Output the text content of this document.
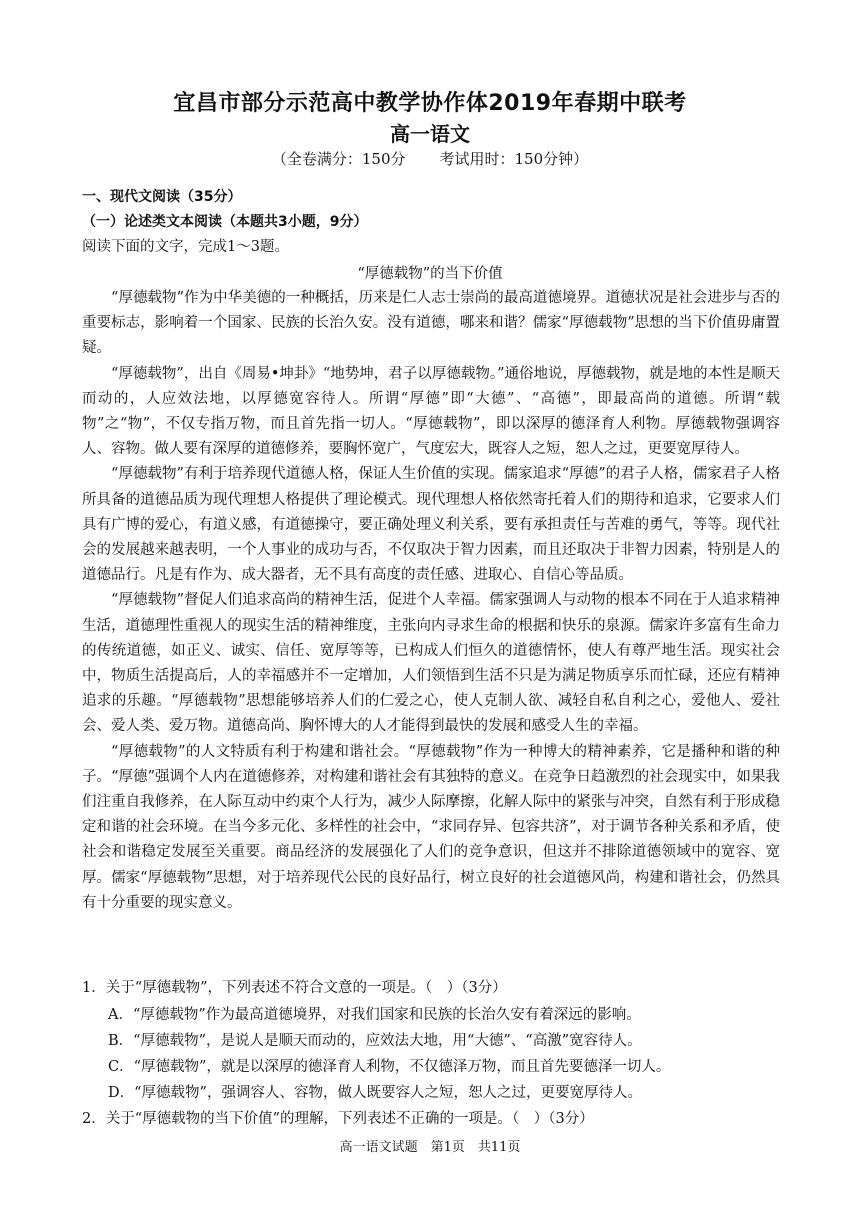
宜昌市部分示范高中教学协作体2019年春期中联考
高一语文
（全卷满分：150分 考试用时：150分钟）
一、现代文阅读（35分）
（一）论述类文本阅读（本题共3小题，9分）
阅读下面的文字，完成1～3题。
“厚德载物”的当下价值

“厚德载物”作为中华美德的一种概括，历来是仁人志士崇尚的最高道德境界。道德状况是社会进步与否的重要标志，影响着一个国家、民族的长治久安。没有道德，哪来和谐？儒家“厚德载物”思想的当下价值毋庸置疑。

“厚德载物”，出自《周易•坤卦》“地势坤，君子以厚德载物。”通俗地说，厚德载物，就是地的本性是顺天而动的，人应效法地，以厚德宽容待人。所谓“厚德”即“大德”、“高德”，即最高尚的道德。所谓“载物”之“物”，不仅专指万物，而且首先指一切人。“厚德载物”，即以深厚的德泽育人利物。厚德载物强调容人、容物。做人要有深厚的道德修养，要胸怀宽广，气度宏大，既容人之短，恕人之过，更要宽厚待人。

“厚德载物”有利于培养现代道德人格，保证人生价值的实现。儒家追求“厚德”的君子人格，儒家君子人格所具备的道德品质为现代理想人格提供了理论模式。现代理想人格依然寄托着人们的期待和追求，它要求人们具有广博的爱心，有道义感，有道德操守，要正确处理义利关系，要有承担责任与苦难的勇气，等等。现代社会的发展越来越表明，一个人事业的成功与否，不仅取决于智力因素，而且还取决于非智力因素，特别是人的道德品行。凡是有作为、成大器者，无不具有高度的责任感、进取心、自信心等品质。

“厚德载物”督促人们追求高尚的精神生活，促进个人幸福。儒家强调人与动物的根本不同在于人追求精神生活，道德理性重视人的现实生活的精神维度，主张向内寻求生命的根据和快乐的泉源。儒家许多富有生命力的传统道德，如正义、诚实、信任、宽厚等等，已构成人们恒久的道德情怀，使人有尊严地生活。现实社会中，物质生活提高后，人的幸福感并不一定增加，人们领悟到生活不只是为满足物质享乐而忙碌，还应有精神追求的乐趣。“厚德载物”思想能够培养人们的仁爱之心，使人克制人欲、减轻自私自利之心，爱他人、爱社会、爱人类、爱万物。道德高尚、胸怀博大的人才能得到最快的发展和感受人生的幸福。

“厚德载物”的人文特质有利于构建和谐社会。“厚德载物”作为一种博大的精神素养，它是播种和谐的种子。“厚德”强调个人内在道德修养，对构建和谐社会有其独特的意义。在竞争日趋激烈的社会现实中，如果我们注重自我修养，在人际互动中约束个人行为，减少人际摩擦，化解人际中的紧张与冲突，自然有利于形成稳定和谐的社会环境。在当今多元化、多样性的社会中，“求同存异、包容共济”，对于调节各种关系和矛盾，使社会和谐稳定发展至关重要。商品经济的发展强化了人们的竞争意识，但这并不排除道德领域中的宽容、宽厚。儒家“厚德载物”思想，对于培养现代公民的良好品行，树立良好的社会道德风尚，构建和谐社会，仍然具有十分重要的现实意义。

1．关于“厚德载物”，下列表述不符合文意的一项是。（　）（3分）
A．“厚德载物”作为最高道德境界，对我们国家和民族的长治久安有着深远的影响。
B．“厚德载物”，是说人是顺天而动的，应效法大地，用“大德”、“高激”宽容待人。
C．“厚德载物”，就是以深厚的德泽育人利物，不仅德泽万物，而且首先要德泽一切人。
D．“厚德载物”，强调容人、容物，做人既要容人之短，恕人之过，更要宽厚待人。
2．关于“厚德载物的当下价值”的理解，下列表述不正确的一项是。（　）（3分）
高一语文试题　第1页　共11页
